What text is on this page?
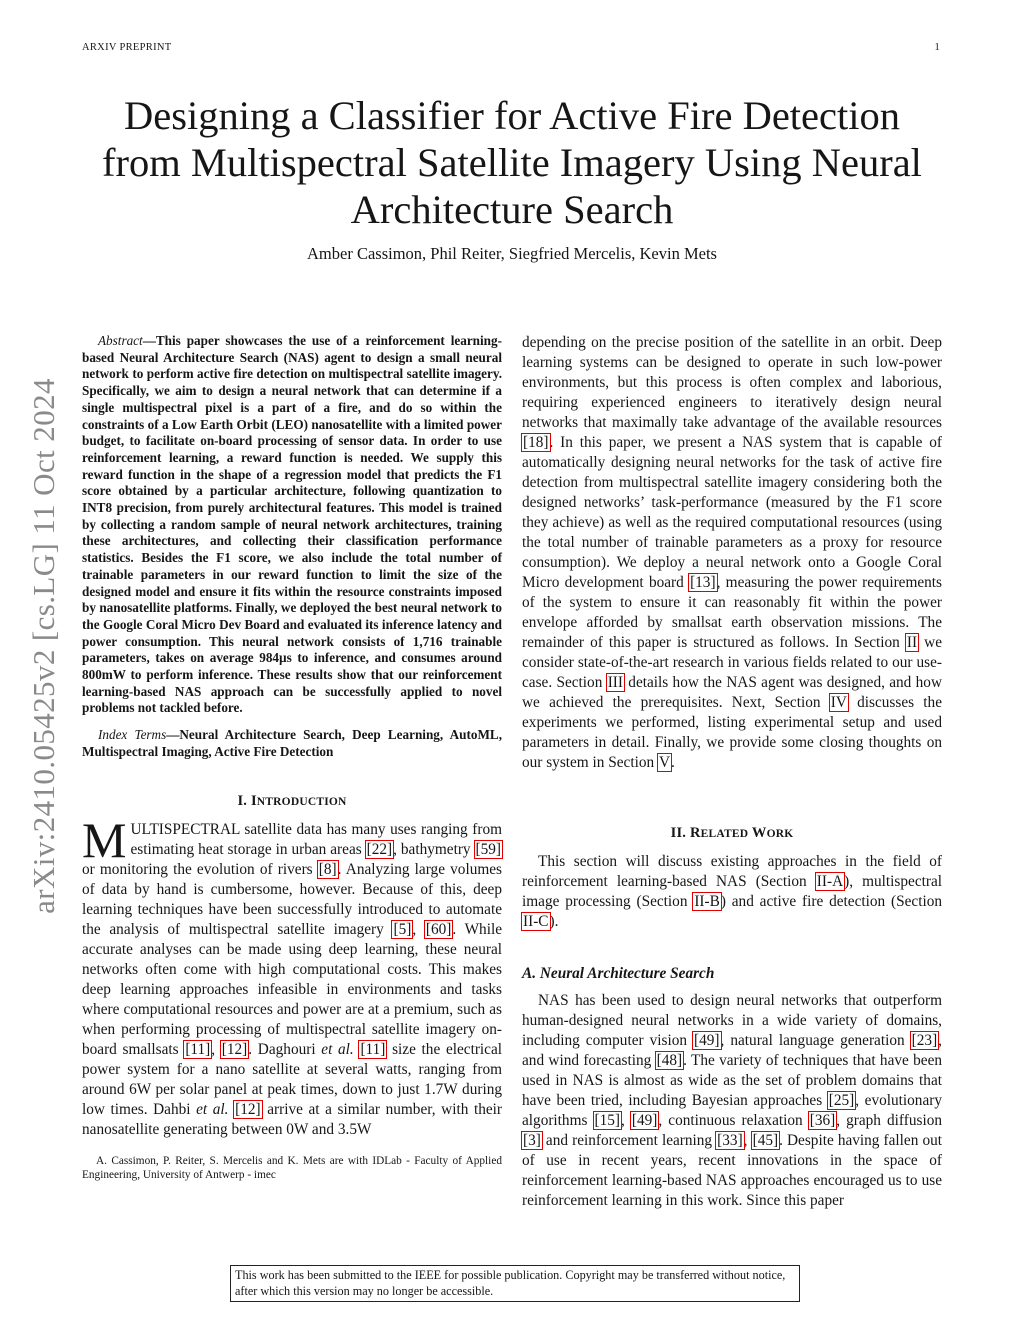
ARXIV PREPRINT	1
arXiv:2410.05425v2 [cs.LG] 11 Oct 2024
Designing a Classifier for Active Fire Detection from Multispectral Satellite Imagery Using Neural Architecture Search
Amber Cassimon, Phil Reiter, Siegfried Mercelis, Kevin Mets

Abstract—This paper showcases the use of a reinforcement learning-based Neural Architecture Search (NAS) agent to design a small neural network to perform active fire detection on multispectral satellite imagery. Specifically, we aim to design a neural network that can determine if a single multispectral pixel is a part of a fire, and do so within the constraints of a Low Earth Orbit (LEO) nanosatellite with a limited power budget, to facilitate on-board processing of sensor data. In order to use reinforcement learning, a reward function is needed. We supply this reward function in the shape of a regression model that predicts the F1 score obtained by a particular architecture, following quantization to INT8 precision, from purely architectural features. This model is trained by collecting a random sample of neural network architectures, training these architectures, and collecting their classification performance statistics. Besides the F1 score, we also include the total number of trainable parameters in our reward function to limit the size of the designed model and ensure it fits within the resource constraints imposed by nanosatellite platforms. Finally, we deployed the best neural network to the Google Coral Micro Dev Board and evaluated its inference latency and power consumption. This neural network consists of 1,716 trainable parameters, takes on average 984µs to inference, and consumes around 800mW to perform inference. These results show that our reinforcement learning-based NAS approach can be successfully applied to novel problems not tackled before.

Index Terms—Neural Architecture Search, Deep Learning, AutoML, Multispectral Imaging, Active Fire Detection

I. INTRODUCTION

MULTISPECTRAL satellite data has many uses ranging from estimating heat storage in urban areas [22], bathymetry [59] or monitoring the evolution of rivers [8]. Analyzing large volumes of data by hand is cumbersome, however. Because of this, deep learning techniques have been successfully introduced to automate the analysis of multispectral satellite imagery [5], [60]. While accurate analyses can be made using deep learning, these neural networks often come with high computational costs. This makes deep learning approaches infeasible in environments and tasks where computational resources and power are at a premium, such as when performing processing of multispectral satellite imagery on-board smallsats [11], [12]. Daghouri et al. [11] size the electrical power system for a nano satellite at several watts, ranging from around 6W per solar panel at peak times, down to just 1.7W during low times. Dahbi et al. [12] arrive at a similar number, with their nanosatellite generating between 0W and 3.5W

A. Cassimon, P. Reiter, S. Mercelis and K. Mets are with IDLab - Faculty of Applied Engineering, University of Antwerp - imec

depending on the precise position of the satellite in an orbit. Deep learning systems can be designed to operate in such low-power environments, but this process is often complex and laborious, requiring experienced engineers to iteratively design neural networks that maximally take advantage of the available resources [18]. In this paper, we present a NAS system that is capable of automatically designing neural networks for the task of active fire detection from multispectral satellite imagery considering both the designed networks’ task-performance (measured by the F1 score they achieve) as well as the required computational resources (using the total number of trainable parameters as a proxy for resource consumption). We deploy a neural network onto a Google Coral Micro development board [13], measuring the power requirements of the system to ensure it can reasonably fit within the power envelope afforded by smallsat earth observation missions. The remainder of this paper is structured as follows. In Section II we consider state-of-the-art research in various fields related to our use-case. Section III details how the NAS agent was designed, and how we achieved the prerequisites. Next, Section IV discusses the experiments we performed, listing experimental setup and used parameters in detail. Finally, we provide some closing thoughts on our system in Section V.

II. RELATED WORK

This section will discuss existing approaches in the field of reinforcement learning-based NAS (Section II-A), multispectral image processing (Section II-B) and active fire detection (Section II-C).

A. Neural Architecture Search

NAS has been used to design neural networks that outperform human-designed neural networks in a wide variety of domains, including computer vision [49], natural language generation [23], and wind forecasting [48]. The variety of techniques that have been used in NAS is almost as wide as the set of problem domains that have been tried, including Bayesian approaches [25], evolutionary algorithms [15], [49], continuous relaxation [36], graph diffusion [3] and reinforcement learning [33], [45]. Despite having fallen out of use in recent years, recent innovations in the space of reinforcement learning-based NAS approaches encouraged us to use reinforcement learning in this work. Since this paper

This work has been submitted to the IEEE for possible publication. Copyright may be transferred without notice, after which this version may no longer be accessible.
